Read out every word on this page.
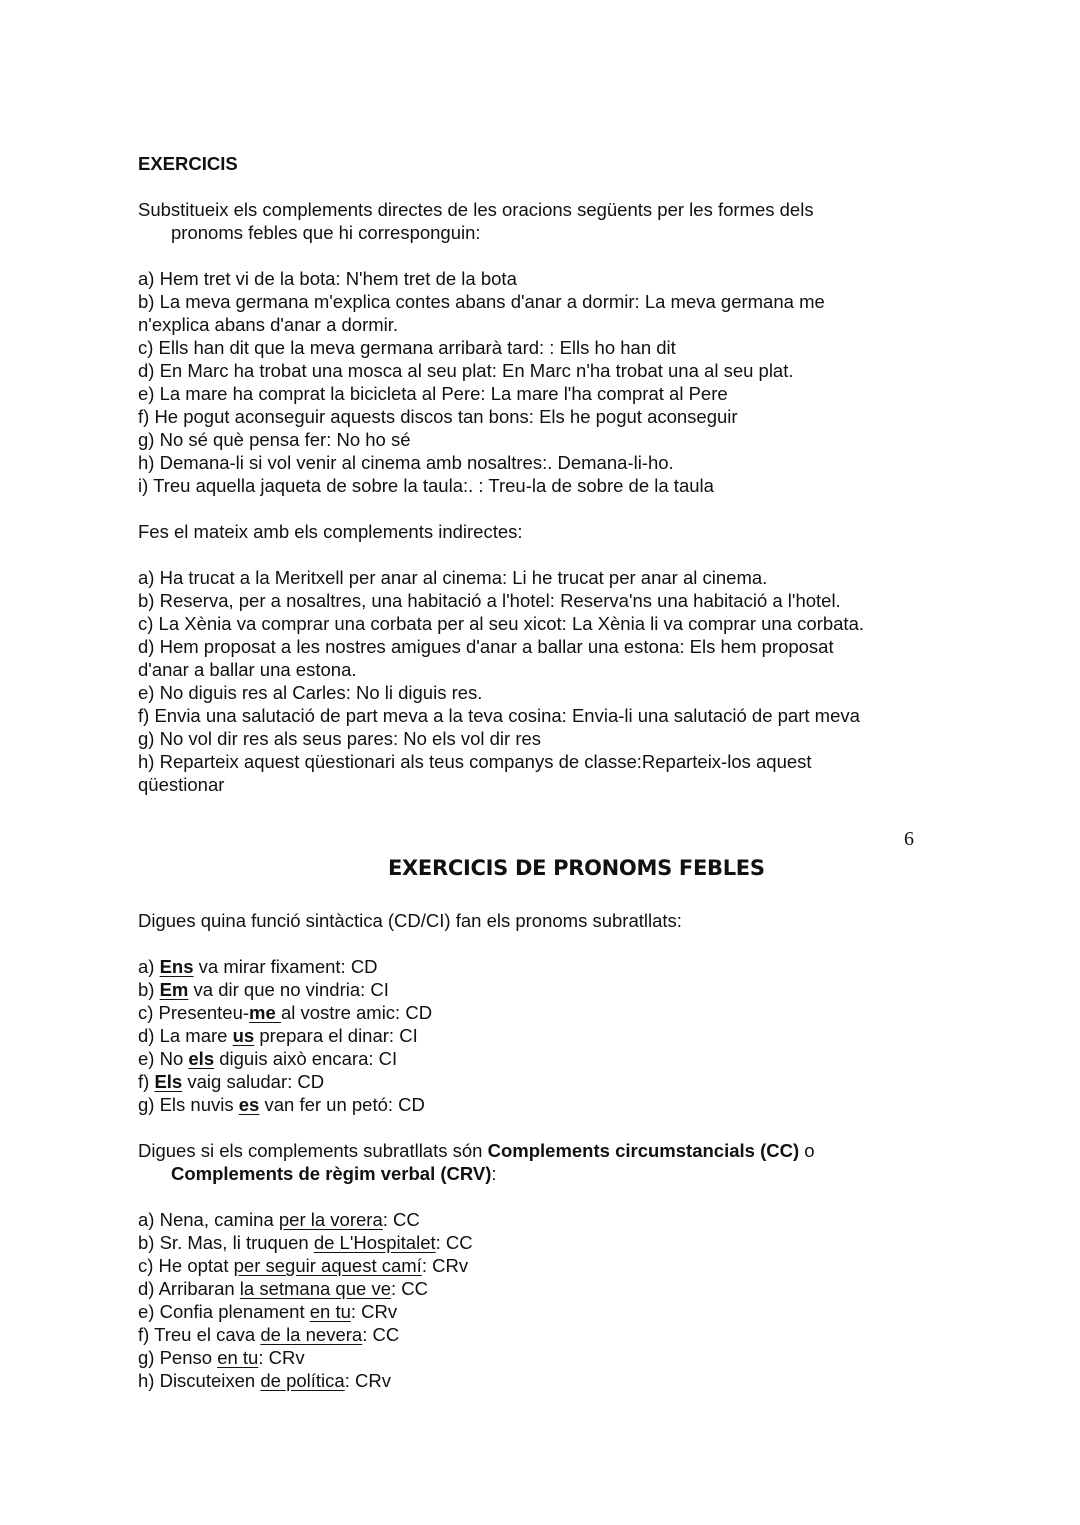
EXERCICIS
Substitueix els complements directes de les oracions següents per les formes dels
pronoms febles que hi corresponguin:
a) Hem tret vi de la bota: N'hem tret de la bota
b) La meva germana m'explica contes abans d'anar a dormir: La meva germana me
n'explica abans d'anar a dormir.
c) Ells han dit que la meva germana arribarà tard: : Ells ho han dit
d) En Marc ha trobat una mosca al seu plat: En Marc n'ha trobat una al seu plat.
e) La mare ha comprat la bicicleta al Pere: La mare l'ha comprat al Pere
f) He pogut aconseguir aquests discos tan bons: Els he pogut aconseguir
g) No sé què pensa fer: No ho sé
h) Demana-li si vol venir al cinema amb nosaltres:. Demana-li-ho.
i) Treu aquella jaqueta de sobre la taula:. : Treu-la de sobre de la taula
Fes el mateix amb els complements indirectes:
a) Ha trucat a la Meritxell per anar al cinema: Li he trucat per anar al cinema.
b) Reserva, per a nosaltres, una habitació a l'hotel: Reserva'ns una habitació a l'hotel.
c) La Xènia va comprar una corbata per al seu xicot: La Xènia li va comprar una corbata.
d) Hem proposat a les nostres amigues d'anar a ballar una estona: Els hem proposat
d'anar a ballar una estona.
e) No diguis res al Carles: No li diguis res.
f) Envia una salutació de part meva a la teva cosina: Envia-li una salutació de part meva
g) No vol dir res als seus pares: No els vol dir res
h) Reparteix aquest qüestionari als teus companys de classe:Reparteix-los aquest
qüestionar
6
EXERCICIS DE PRONOMS FEBLES
Digues quina funció sintàctica (CD/CI) fan els pronoms subratllats:
a) Ens va mirar fixament: CD
b) Em va dir que no vindria: CI
c) Presenteu-me al vostre amic: CD
d) La mare us prepara el dinar: CI
e) No els diguis això encara: CI
f) Els vaig saludar: CD
g) Els nuvis es van fer un petó: CD
Digues si els complements subratllats són Complements circumstancials (CC) o
Complements de règim verbal (CRV):
a) Nena, camina per la vorera: CC
b) Sr. Mas, li truquen de L'Hospitalet: CC
c) He optat per seguir aquest camí: CRv
d) Arribaran la setmana que ve: CC
e) Confia plenament en tu: CRv
f) Treu el cava de la nevera: CC
g) Penso en tu: CRv
h) Discuteixen de política: CRv
